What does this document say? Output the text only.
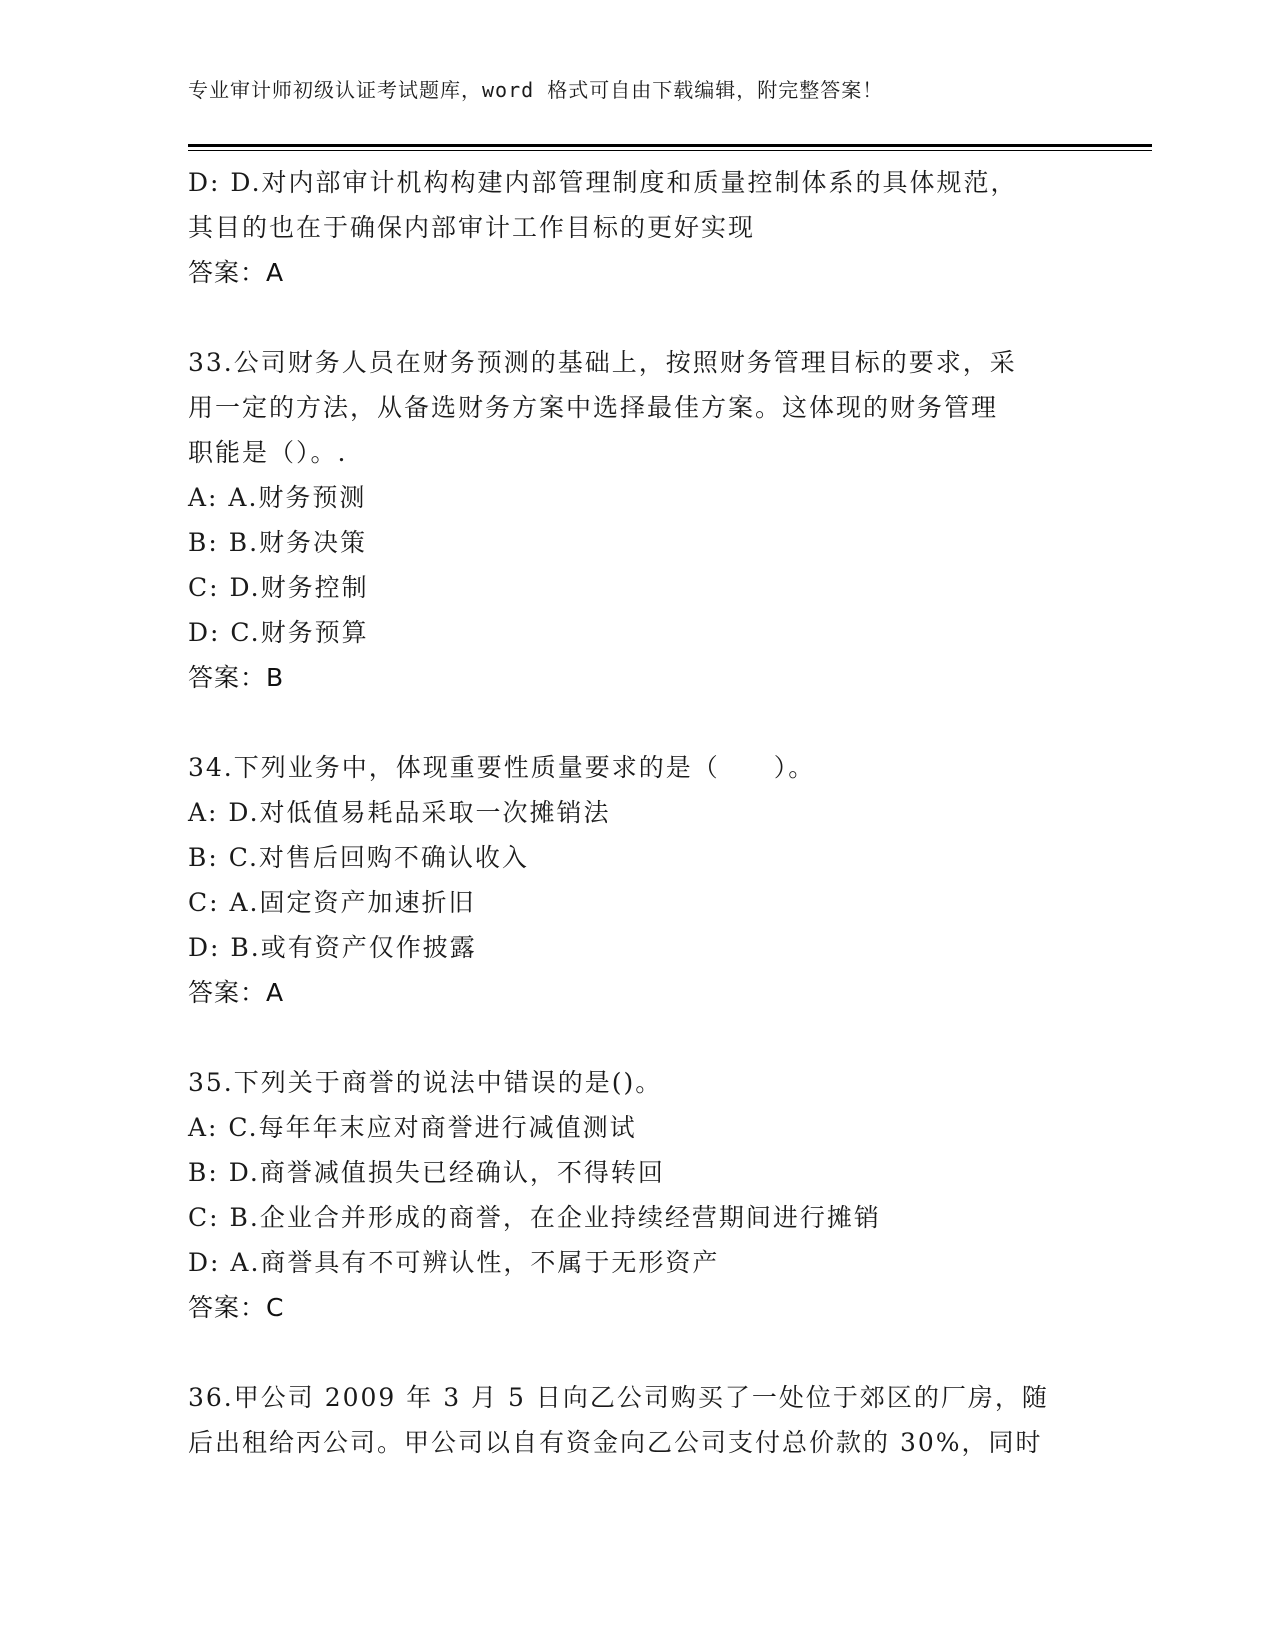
专业审计师初级认证考试题库，word 格式可自由下载编辑，附完整答案！

D: D.对内部审计机构构建内部管理制度和质量控制体系的具体规范，

其目的也在于确保内部审计工作目标的更好实现

答案：A

33.公司财务人员在财务预测的基础上，按照财务管理目标的要求，采

用一定的方法，从备选财务方案中选择最佳方案。这体现的财务管理

职能是（）。.

A: A.财务预测

B: B.财务决策

C: D.财务控制

D: C.财务预算

答案：B

34.下列业务中，体现重要性质量要求的是（　　）。

A: D.对低值易耗品采取一次摊销法

B: C.对售后回购不确认收入

C: A.固定资产加速折旧

D: B.或有资产仅作披露

答案：A

35.下列关于商誉的说法中错误的是()。

A: C.每年年末应对商誉进行减值测试

B: D.商誉减值损失已经确认，不得转回

C: B.企业合并形成的商誉，在企业持续经营期间进行摊销

D: A.商誉具有不可辨认性，不属于无形资产

答案：C

36.甲公司 2009 年 3 月 5 日向乙公司购买了一处位于郊区的厂房，随

后出租给丙公司。甲公司以自有资金向乙公司支付总价款的 30%，同时
